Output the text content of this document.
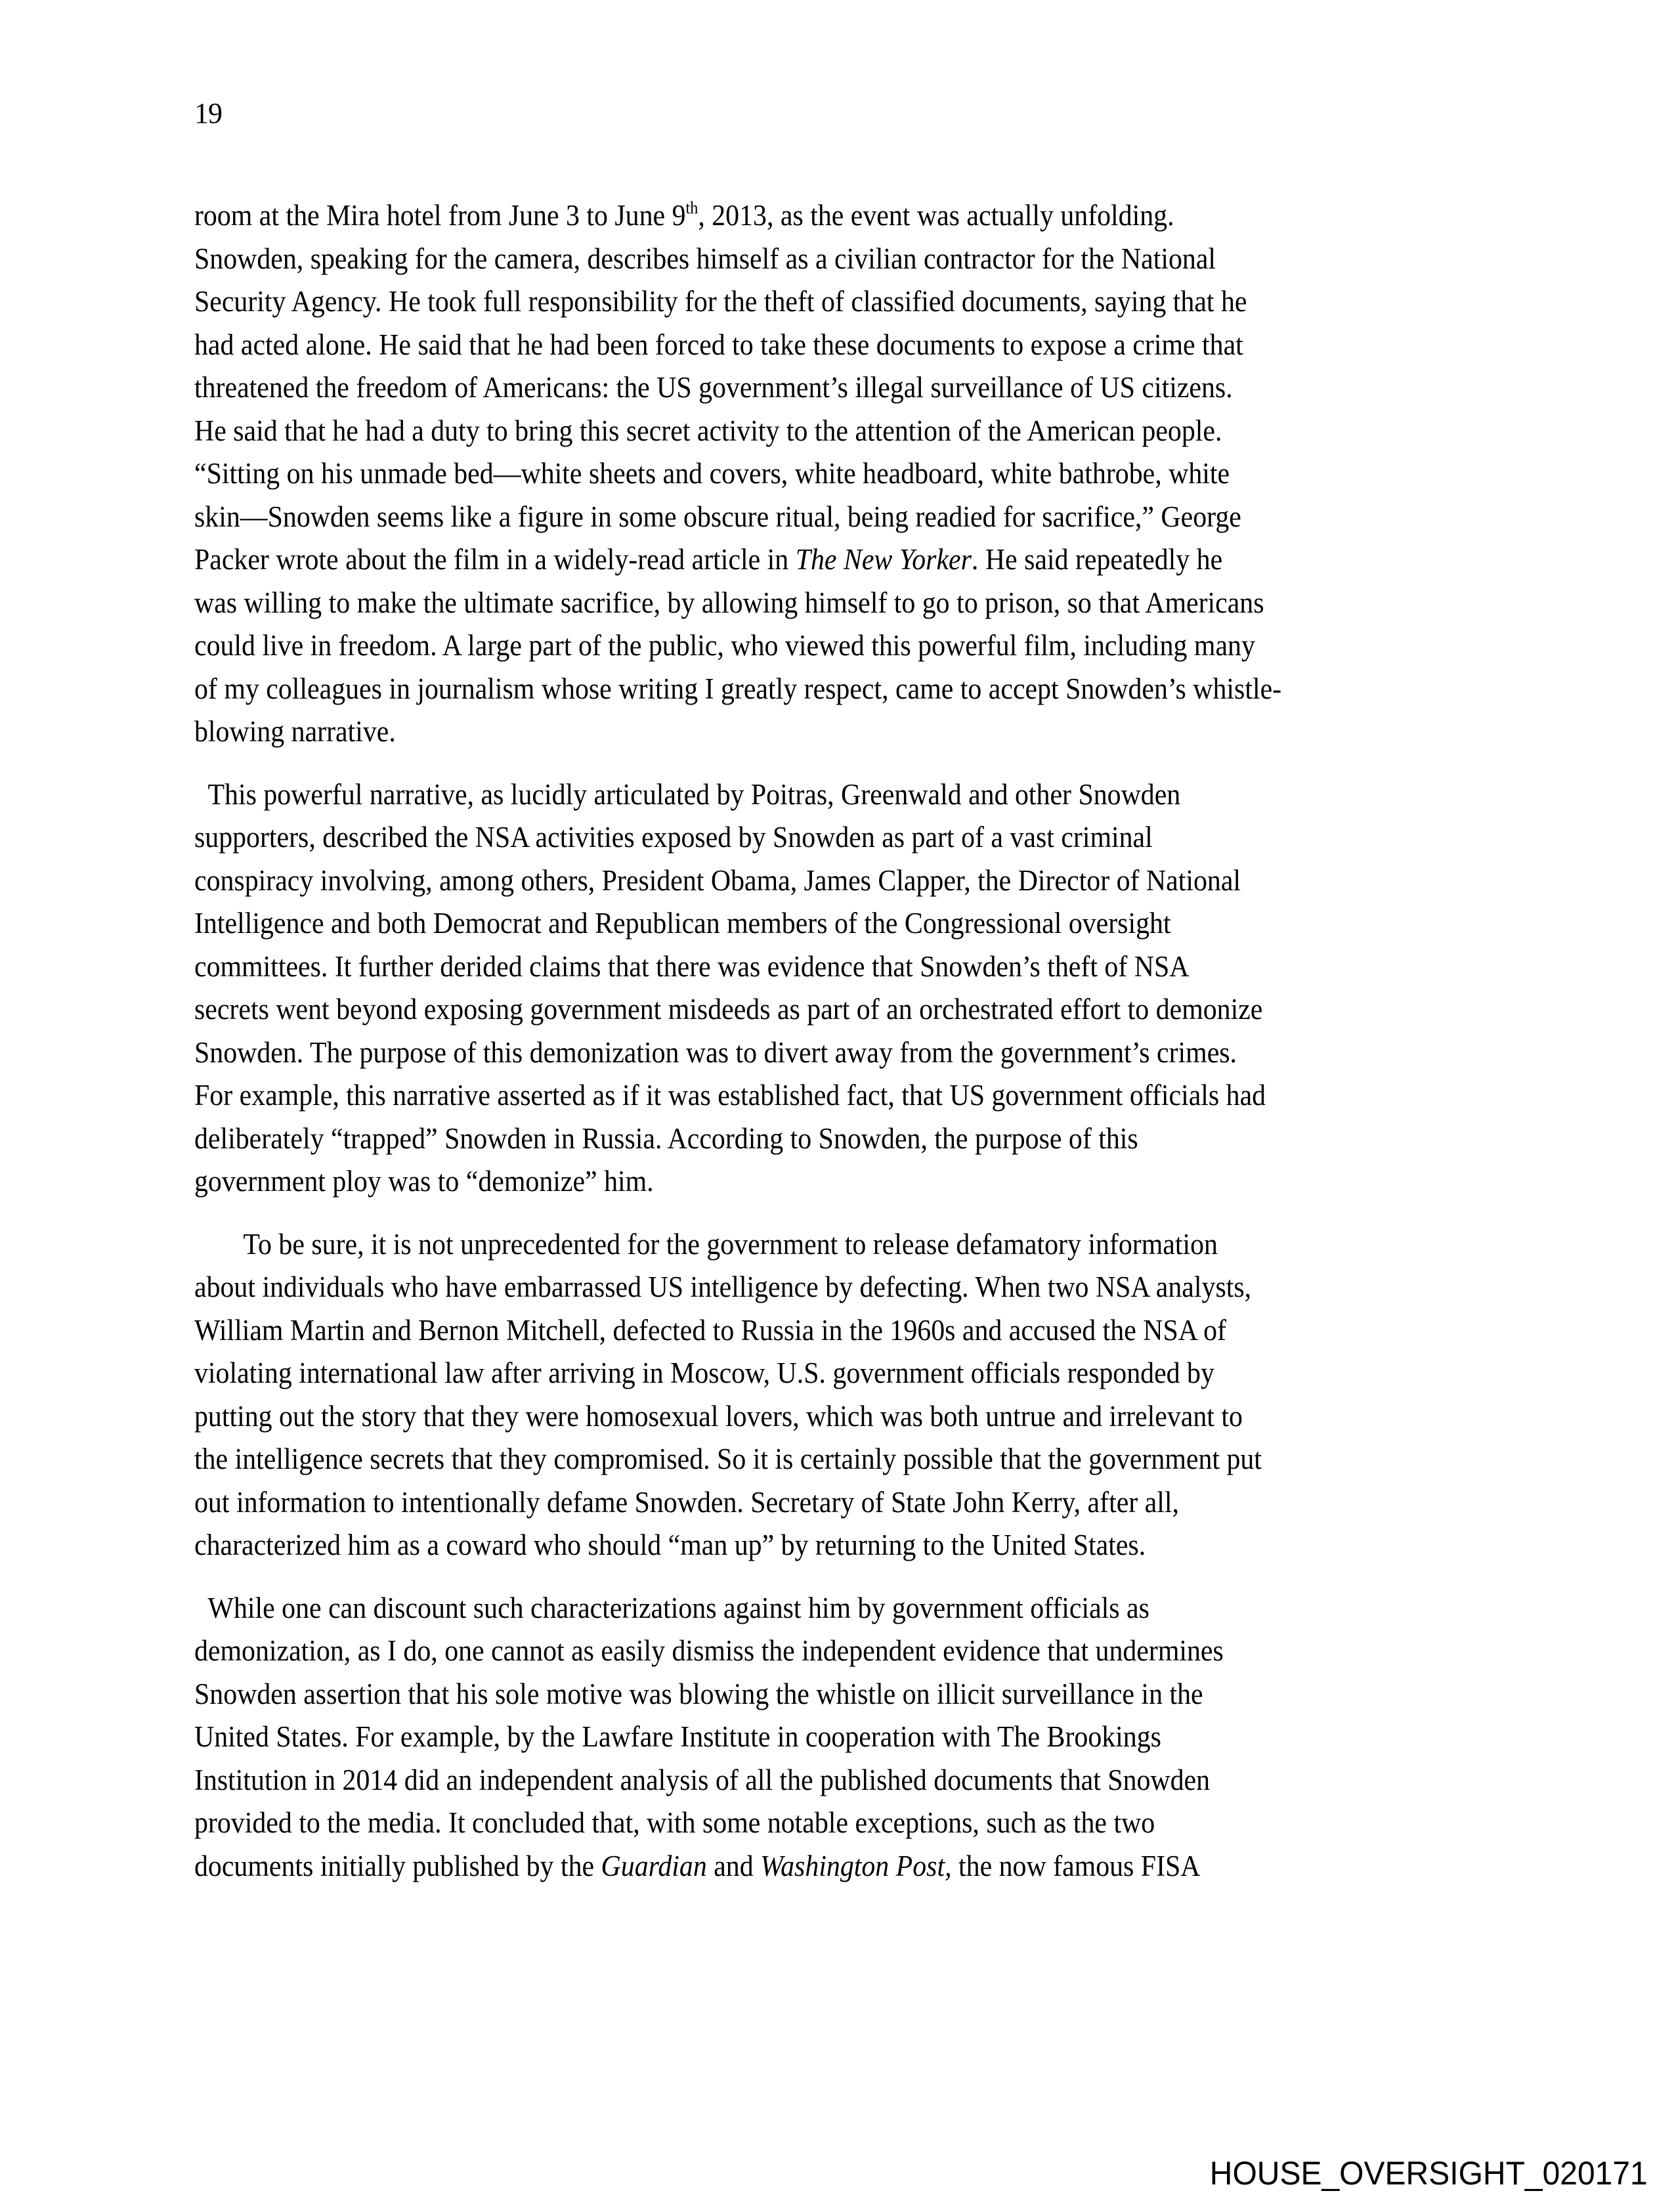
19
room at the Mira hotel from June 3 to June 9th, 2013, as the event was actually unfolding.
Snowden, speaking for the camera, describes himself as a civilian contractor for the National
Security Agency. He took full responsibility for the theft of classified documents, saying that he
had acted alone. He said that he had been forced to take these documents to expose a crime that
threatened the freedom of Americans: the US government’s illegal surveillance of US citizens.
He said that he had a duty to bring this secret activity to the attention of the American people.
“Sitting on his unmade bed—white sheets and covers, white headboard, white bathrobe, white
skin—Snowden seems like a figure in some obscure ritual, being readied for sacrifice,” George
Packer wrote about the film in a widely-read article in The New Yorker. He said repeatedly he
was willing to make the ultimate sacrifice, by allowing himself to go to prison, so that Americans
could live in freedom. A large part of the public, who viewed this powerful film, including many
of my colleagues in journalism whose writing I greatly respect, came to accept Snowden’s whistle-
blowing narrative.
This powerful narrative, as lucidly articulated by Poitras, Greenwald and other Snowden
supporters, described the NSA activities exposed by Snowden as part of a vast criminal
conspiracy involving, among others, President Obama, James Clapper, the Director of National
Intelligence and both Democrat and Republican members of the Congressional oversight
committees. It further derided claims that there was evidence that Snowden’s theft of NSA
secrets went beyond exposing government misdeeds as part of an orchestrated effort to demonize
Snowden. The purpose of this demonization was to divert away from the government’s crimes.
For example, this narrative asserted as if it was established fact, that US government officials had
deliberately “trapped” Snowden in Russia. According to Snowden, the purpose of this
government ploy was to “demonize” him.
To be sure, it is not unprecedented for the government to release defamatory information
about individuals who have embarrassed US intelligence by defecting. When two NSA analysts,
William Martin and Bernon Mitchell, defected to Russia in the 1960s and accused the NSA of
violating international law after arriving in Moscow, U.S. government officials responded by
putting out the story that they were homosexual lovers, which was both untrue and irrelevant to
the intelligence secrets that they compromised. So it is certainly possible that the government put
out information to intentionally defame Snowden. Secretary of State John Kerry, after all,
characterized him as a coward who should “man up” by returning to the United States.
While one can discount such characterizations against him by government officials as
demonization, as I do, one cannot as easily dismiss the independent evidence that undermines
Snowden assertion that his sole motive was blowing the whistle on illicit surveillance in the
United States. For example, by the Lawfare Institute in cooperation with The Brookings
Institution in 2014 did an independent analysis of all the published documents that Snowden
provided to the media. It concluded that, with some notable exceptions, such as the two
documents initially published by the Guardian and Washington Post, the now famous FISA
HOUSE_OVERSIGHT_020171
